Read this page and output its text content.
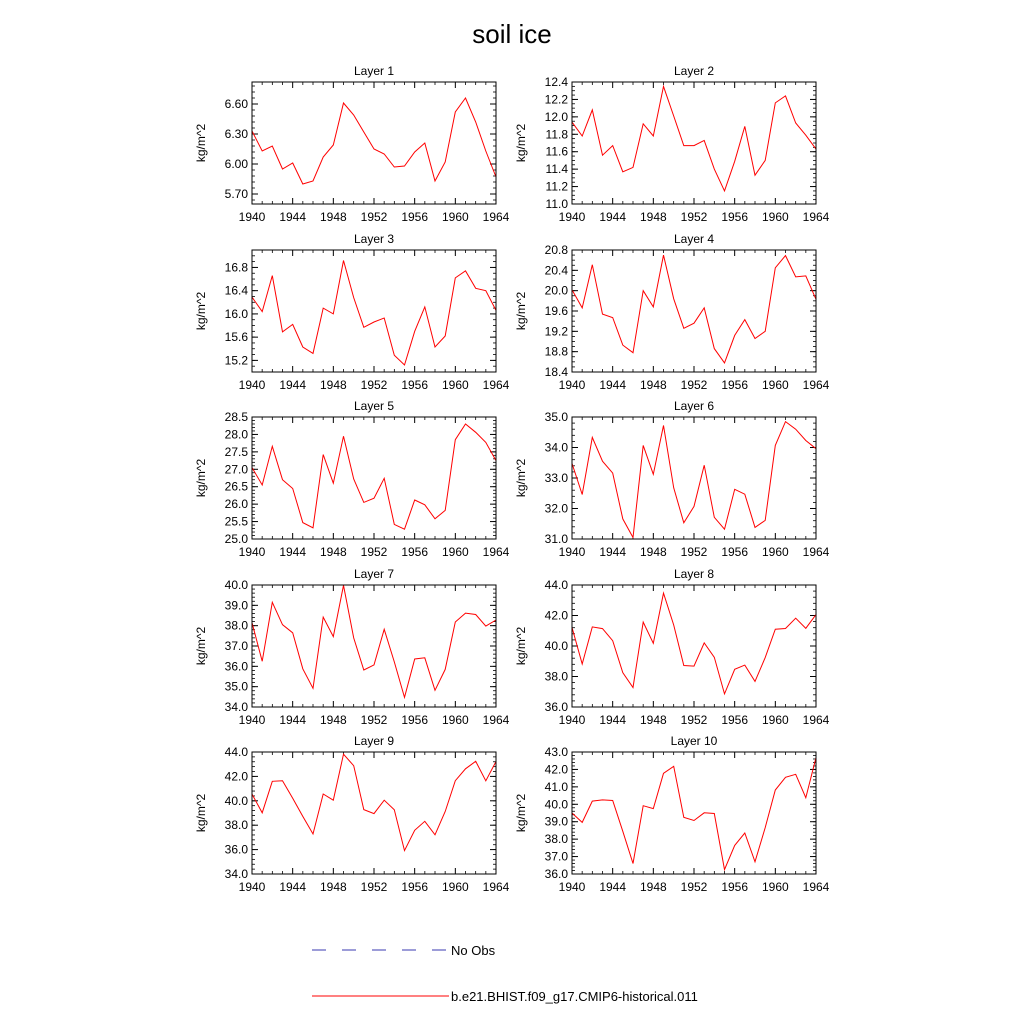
soil ice
Layer 1
5.70
6.00
6.30
6.60
1940 1944 1948 1952 1956 1960 1964
kg/m^2
Layer 2
11.0
11.2
11.4
11.6
11.8
12.0
12.2
12.4
1940 1944 1948 1952 1956 1960 1964
kg/m^2
Layer 3
15.2
15.6
16.0
16.4
16.8
1940 1944 1948 1952 1956 1960 1964
kg/m^2
Layer 4
18.4
18.8
19.2
19.6
20.0
20.4
20.8
1940 1944 1948 1952 1956 1960 1964
kg/m^2
Layer 5
25.0
25.5
26.0
26.5
27.0
27.5
28.0
28.5
1940 1944 1948 1952 1956 1960 1964
kg/m^2
Layer 6
31.0
32.0
33.0
34.0
35.0
1940 1944 1948 1952 1956 1960 1964
kg/m^2
Layer 7
34.0
35.0
36.0
37.0
38.0
39.0
40.0
1940 1944 1948 1952 1956 1960 1964
kg/m^2
Layer 8
36.0
38.0
40.0
42.0
44.0
1940 1944 1948 1952 1956 1960 1964
kg/m^2
Layer 9
34.0
36.0
38.0
40.0
42.0
44.0
1940 1944 1948 1952 1956 1960 1964
kg/m^2
Layer 10
36.0
37.0
38.0
39.0
40.0
41.0
42.0
43.0
1940 1944 1948 1952 1956 1960 1964
kg/m^2
No Obs
b.e21.BHIST.f09_g17.CMIP6-historical.011
